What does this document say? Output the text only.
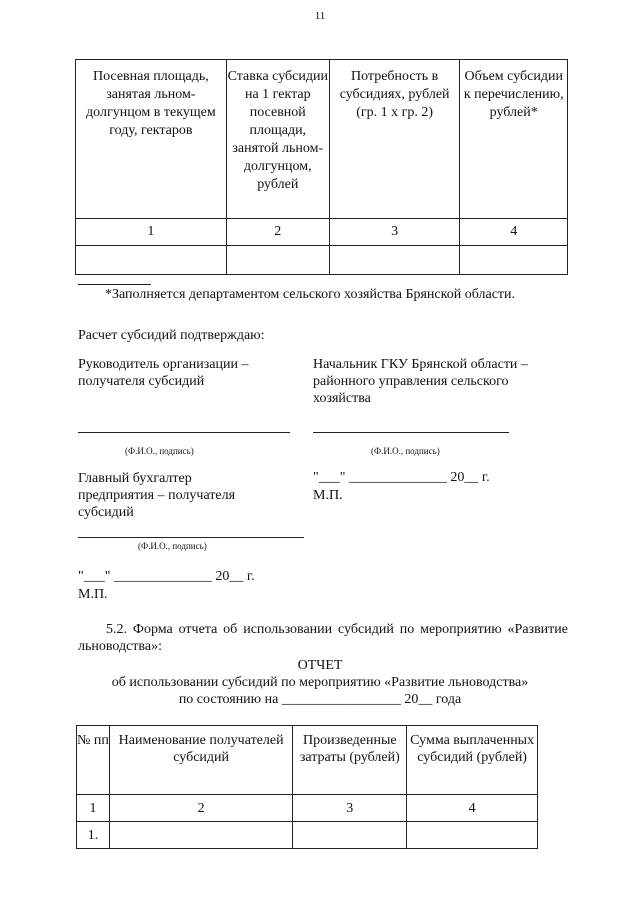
11
Посевная площадь, занятая льном-долгунцом в текущем году, гектаров	Ставка субсидии на 1 гектар посевной площади, занятой льном-долгунцом, рублей	Потребность в субсидиях, рублей (гр. 1 х гр. 2)	Объем субсидии к перечислению, рублей*
1	2	3	4

*Заполняется департаментом сельского хозяйства Брянской области.
Расчет субсидий подтверждаю:
Руководитель организации – получателя субсидий
Начальник ГКУ Брянской области – районного управления сельского хозяйства
(Ф.И.О., подпись)	(Ф.И.О., подпись)
Главный бухгалтер предприятия – получателя субсидий
"___" ______________ 20__ г.
М.П.
(Ф.И.О., подпись)
"___" ______________ 20__ г.
М.П.
5.2. Форма отчета об использовании субсидий по мероприятию «Развитие льноводства»:
ОТЧЕТ
об использовании субсидий по мероприятию «Развитие льноводства»
по состоянию на _________________ 20__ года
№ пп	Наименование получателей субсидий	Произведенные затраты (рублей)	Сумма выплаченных субсидий (рублей)
1	2	3	4
1.			
